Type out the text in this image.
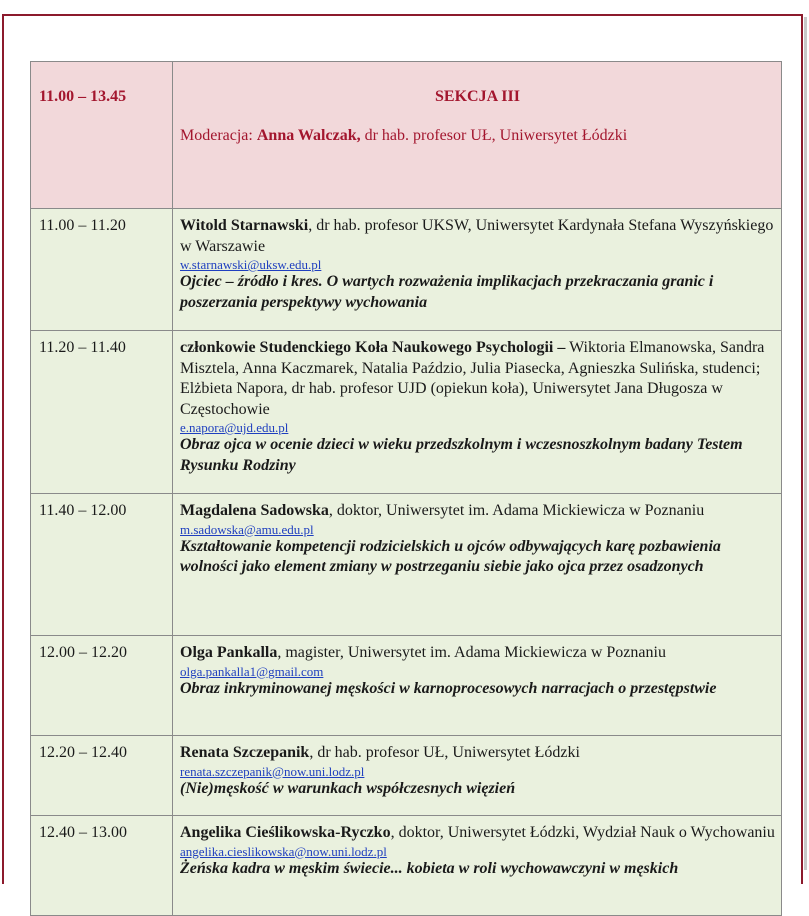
11.00 – 13.45	SEKCJA III
Moderacja: Anna Walczak, dr hab. profesor UŁ, Uniwersytet Łódzki

11.00 – 11.20	Witold Starnawski, dr hab. profesor UKSW, Uniwersytet Kardynała Stefana Wyszyńskiego w Warszawie
w.starnawski@uksw.edu.pl
Ojciec – źródło i kres. O wartych rozważenia implikacjach przekraczania granic i poszerzania perspektywy wychowania

11.20 – 11.40	członkowie Studenckiego Koła Naukowego Psychologii – Wiktoria Elmanowska, Sandra Misztela, Anna Kaczmarek, Natalia Paździo, Julia Piasecka, Agnieszka Sulińska, studenci; Elżbieta Napora, dr hab. profesor UJD (opiekun koła), Uniwersytet Jana Długosza w Częstochowie
e.napora@ujd.edu.pl
Obraz ojca w ocenie dzieci w wieku przedszkolnym i wczesnoszkolnym badany Testem Rysunku Rodziny

11.40 – 12.00	Magdalena Sadowska, doktor, Uniwersytet im. Adama Mickiewicza w Poznaniu
m.sadowska@amu.edu.pl
Kształtowanie kompetencji rodzicielskich u ojców odbywających karę pozbawienia wolności jako element zmiany w postrzeganiu siebie jako ojca przez osadzonych

12.00 – 12.20	Olga Pankalla, magister, Uniwersytet im. Adama Mickiewicza w Poznaniu
olga.pankalla1@gmail.com
Obraz inkryminowanej męskości w karnoprocesowych narracjach o przestępstwie

12.20 – 12.40	Renata Szczepanik, dr hab. profesor UŁ, Uniwersytet Łódzki
renata.szczepanik@now.uni.lodz.pl
(Nie)męskość w warunkach współczesnych więzień

12.40 – 13.00	Angelika Cieślikowska-Ryczko, doktor, Uniwersytet Łódzki, Wydział Nauk o Wychowaniu
angelika.cieslikowska@now.uni.lodz.pl
Żeńska kadra w męskim świecie... kobieta w roli wychowawczyni w męskich
